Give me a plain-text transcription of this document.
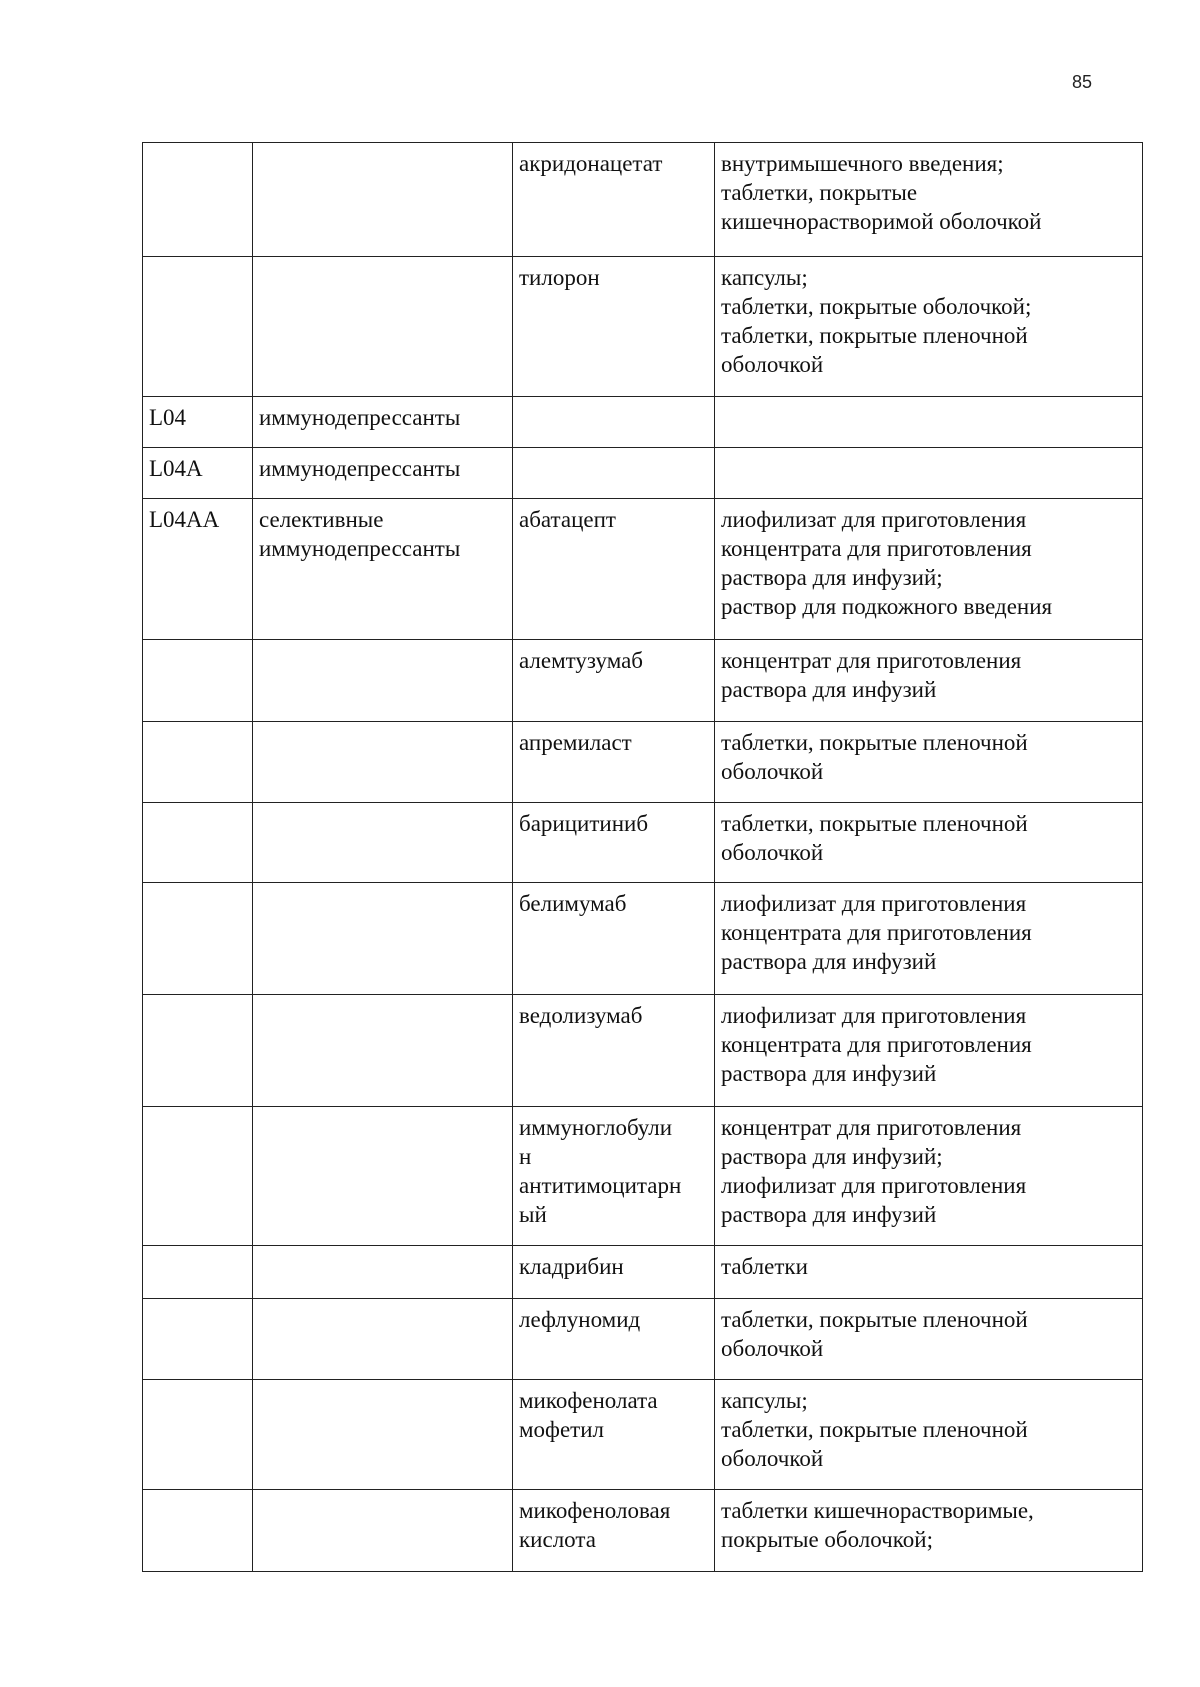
85

		акридонацетат	внутримышечного введения;
таблетки, покрытые
кишечнорастворимой оболочкой

		тилорон	капсулы;
таблетки, покрытые оболочкой;
таблетки, покрытые пленочной
оболочкой

L04	иммунодепрессанты		
L04A	иммунодепрессанты		
L04AA	селективные иммунодепрессанты	абатацепт	лиофилизат для приготовления
концентрата для приготовления
раствора для инфузий;
раствор для подкожного введения

		алемтузумаб	концентрат для приготовления
раствора для инфузий

		апремиласт	таблетки, покрытые пленочной
оболочкой

		барицитиниб	таблетки, покрытые пленочной
оболочкой

		белимумаб	лиофилизат для приготовления
концентрата для приготовления
раствора для инфузий

		ведолизумаб	лиофилизат для приготовления
концентрата для приготовления
раствора для инфузий

		иммуноглобули
н
антитимоцитарн
ый	концентрат для приготовления
раствора для инфузий;
лиофилизат для приготовления
раствора для инфузий

		кладрибин	таблетки

		лефлуномид	таблетки, покрытые пленочной
оболочкой

		микофенолата
мофетил	капсулы;
таблетки, покрытые пленочной
оболочкой

		микофеноловая
кислота	таблетки кишечнорастворимые,
покрытые оболочкой;
